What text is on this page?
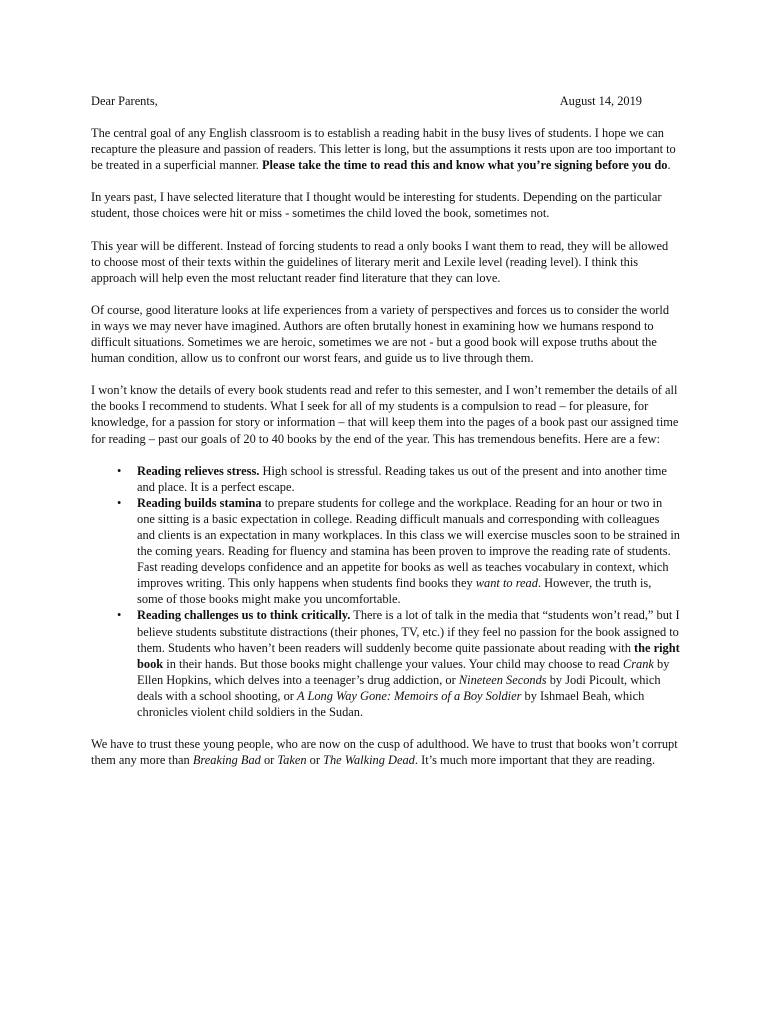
Dear Parents,	August 14, 2019

The central goal of any English classroom is to establish a reading habit in the busy lives of students. I hope we can recapture the pleasure and passion of readers. This letter is long, but the assumptions it rests upon are too important to be treated in a superficial manner. Please take the time to read this and know what you’re signing before you do.

In years past, I have selected literature that I thought would be interesting for students. Depending on the particular student, those choices were hit or miss - sometimes the child loved the book, sometimes not.

This year will be different. Instead of forcing students to read a only books I want them to read, they will be allowed to choose most of their texts within the guidelines of literary merit and Lexile level (reading level). I think this approach will help even the most reluctant reader find literature that they can love.

Of course, good literature looks at life experiences from a variety of perspectives and forces us to consider the world in ways we may never have imagined. Authors are often brutally honest in examining how we humans respond to difficult situations. Sometimes we are heroic, sometimes we are not - but a good book will expose truths about the human condition, allow us to confront our worst fears, and guide us to live through them.

I won’t know the details of every book students read and refer to this semester, and I won’t remember the details of all the books I recommend to students. What I seek for all of my students is a compulsion to read – for pleasure, for knowledge, for a passion for story or information – that will keep them into the pages of a book past our assigned time for reading – past our goals of 20 to 40 books by the end of the year. This has tremendous benefits. Here are a few:

• Reading relieves stress. High school is stressful. Reading takes us out of the present and into another time and place. It is a perfect escape.
• Reading builds stamina to prepare students for college and the workplace. Reading for an hour or two in one sitting is a basic expectation in college. Reading difficult manuals and corresponding with colleagues and clients is an expectation in many workplaces. In this class we will exercise muscles soon to be strained in the coming years. Reading for fluency and stamina has been proven to improve the reading rate of students. Fast reading develops confidence and an appetite for books as well as teaches vocabulary in context, which improves writing. This only happens when students find books they want to read. However, the truth is, some of those books might make you uncomfortable.
• Reading challenges us to think critically. There is a lot of talk in the media that “students won’t read,” but I believe students substitute distractions (their phones, TV, etc.) if they feel no passion for the book assigned to them. Students who haven’t been readers will suddenly become quite passionate about reading with the right book in their hands. But those books might challenge your values. Your child may choose to read Crank by Ellen Hopkins, which delves into a teenager’s drug addiction, or Nineteen Seconds by Jodi Picoult, which deals with a school shooting, or A Long Way Gone: Memoirs of a Boy Soldier by Ishmael Beah, which chronicles violent child soldiers in the Sudan.

We have to trust these young people, who are now on the cusp of adulthood. We have to trust that books won’t corrupt them any more than Breaking Bad or Taken or The Walking Dead. It’s much more important that they are reading.
